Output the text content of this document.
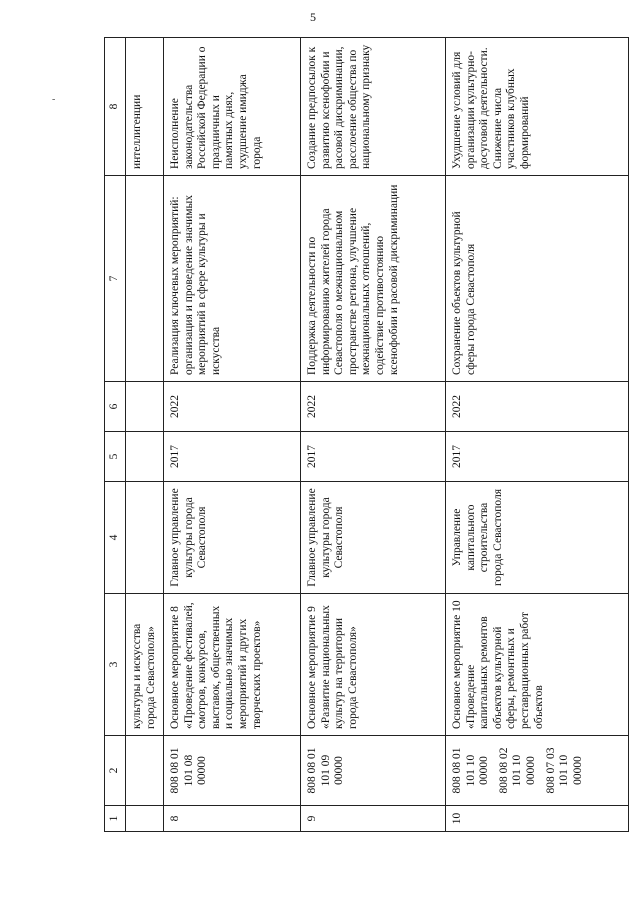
5
-
1	2	3	4	5	6	7	8
		культуры и искусства города Севастополя»					интеллигенции
8	808 08 01 101 08 00000	Основное мероприятие 8 «Проведение фестивалей, смотров, конкурсов, выставок, общественных и социально значимых мероприятий и других творческих проектов»	Главное управление культуры города Севастополя	2017	2022	Реализация ключевых мероприятий: организация и проведение значимых мероприятий в сфере культуры и искусства	Неисполнение законодательства Российской Федерации о праздничных и памятных днях, ухудшение имиджа города
9	808 08 01 101 09 00000	Основное мероприятие 9 «Развитие национальных культур на территории города Севастополя»	Главное управление культуры города Севастополя	2017	2022	Поддержка деятельности по информированию жителей города Севастополя о межнациональном пространстве региона, улучшение межнациональных отношений, содействие противостоянию ксенофобии и расовой дискриминации	Создание предпосылок к развитию ксенофобии и расовой дискриминации, расслоение общества по национальному признаку
10	808 08 01 101 10 00000 808 08 02 101 10 00000 808 07 03 101 10 00000	Основное мероприятие 10 «Проведение капитальных ремонтов объектов культурной сферы, ремонтных и реставрационных работ объектов	Управление капитального строительства города Севастополя	2017	2022	Сохранение объектов культурной сферы города Севастополя	Ухудшение условий для организации культурно-досуговой деятельности. Снижение числа участников клубных формирований
